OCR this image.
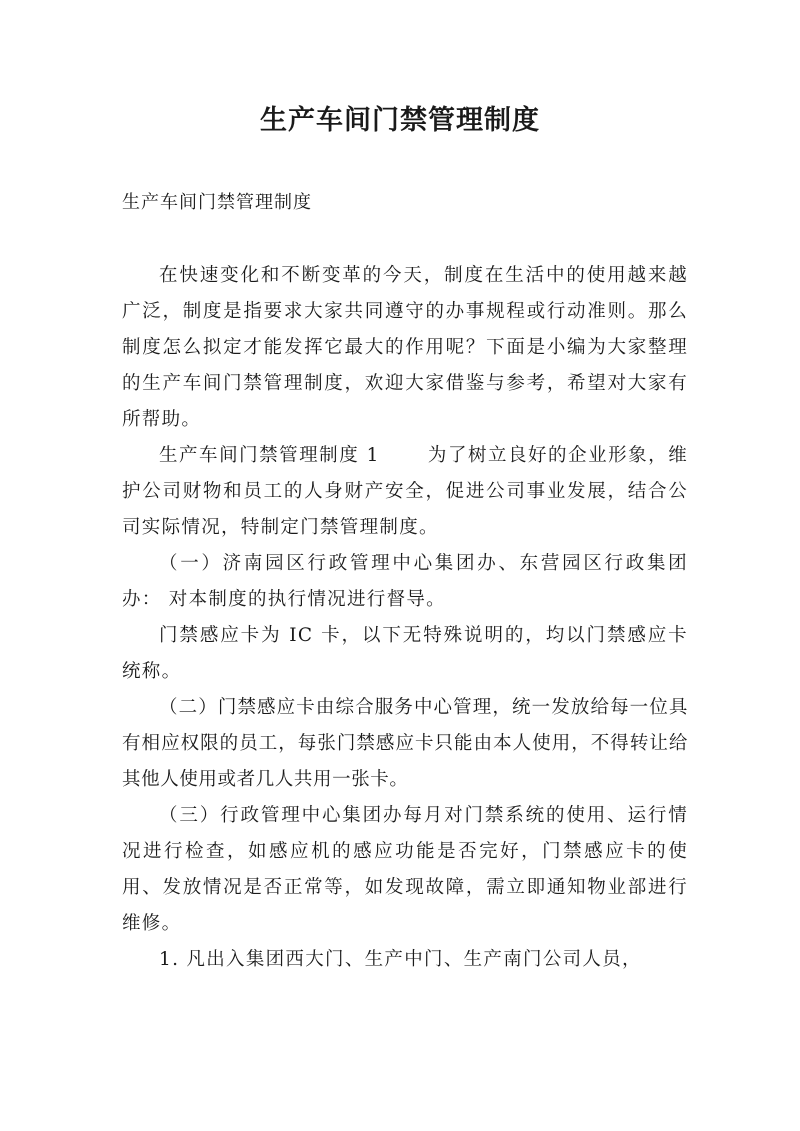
生产车间门禁管理制度
生产车间门禁管理制度

在快速变化和不断变革的今天，制度在生活中的使用越来越广泛，制度是指要求大家共同遵守的办事规程或行动准则。那么制度怎么拟定才能发挥它最大的作用呢？下面是小编为大家整理的生产车间门禁管理制度，欢迎大家借鉴与参考，希望对大家有所帮助。

生产车间门禁管理制度 1	为了树立良好的企业形象，维护公司财物和员工的人身财产安全，促进公司事业发展，结合公司实际情况，特制定门禁管理制度。

（一）济南园区行政管理中心集团办、东营园区行政集团办： 对本制度的执行情况进行督导。

门禁感应卡为 IC 卡，以下无特殊说明的，均以门禁感应卡统称。

（二）门禁感应卡由综合服务中心管理，统一发放给每一位具有相应权限的员工，每张门禁感应卡只能由本人使用，不得转让给其他人使用或者几人共用一张卡。

（三）行政管理中心集团办每月对门禁系统的使用、运行情况进行检查，如感应机的感应功能是否完好，门禁感应卡的使用、发放情况是否正常等，如发现故障，需立即通知物业部进行维修。

1. 凡出入集团西大门、生产中门、生产南门公司人员，
